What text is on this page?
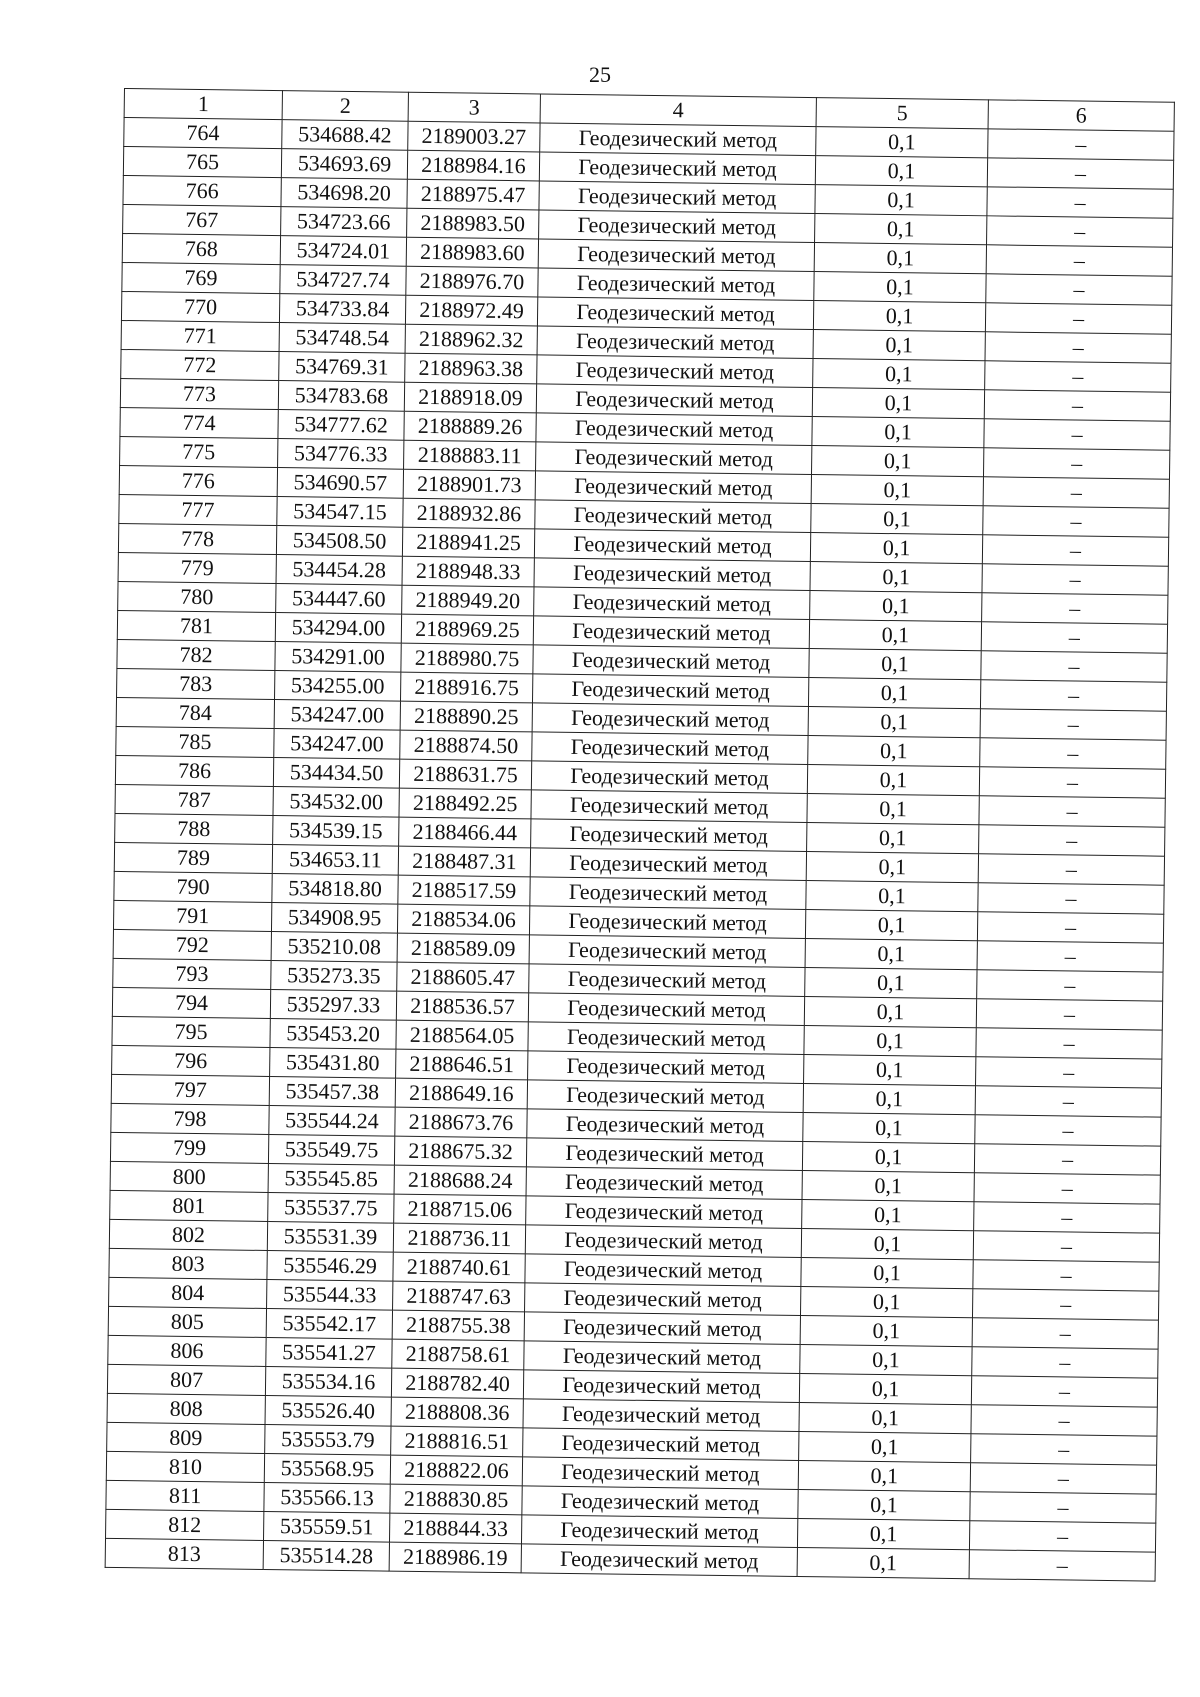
25
1	2	3	4	5	6
764	534688.42	2189003.27	Геодезический метод	0,1	–
765	534693.69	2188984.16	Геодезический метод	0,1	–
766	534698.20	2188975.47	Геодезический метод	0,1	–
767	534723.66	2188983.50	Геодезический метод	0,1	–
768	534724.01	2188983.60	Геодезический метод	0,1	–
769	534727.74	2188976.70	Геодезический метод	0,1	–
770	534733.84	2188972.49	Геодезический метод	0,1	–
771	534748.54	2188962.32	Геодезический метод	0,1	–
772	534769.31	2188963.38	Геодезический метод	0,1	–
773	534783.68	2188918.09	Геодезический метод	0,1	–
774	534777.62	2188889.26	Геодезический метод	0,1	–
775	534776.33	2188883.11	Геодезический метод	0,1	–
776	534690.57	2188901.73	Геодезический метод	0,1	–
777	534547.15	2188932.86	Геодезический метод	0,1	–
778	534508.50	2188941.25	Геодезический метод	0,1	–
779	534454.28	2188948.33	Геодезический метод	0,1	–
780	534447.60	2188949.20	Геодезический метод	0,1	–
781	534294.00	2188969.25	Геодезический метод	0,1	–
782	534291.00	2188980.75	Геодезический метод	0,1	–
783	534255.00	2188916.75	Геодезический метод	0,1	–
784	534247.00	2188890.25	Геодезический метод	0,1	–
785	534247.00	2188874.50	Геодезический метод	0,1	–
786	534434.50	2188631.75	Геодезический метод	0,1	–
787	534532.00	2188492.25	Геодезический метод	0,1	–
788	534539.15	2188466.44	Геодезический метод	0,1	–
789	534653.11	2188487.31	Геодезический метод	0,1	–
790	534818.80	2188517.59	Геодезический метод	0,1	–
791	534908.95	2188534.06	Геодезический метод	0,1	–
792	535210.08	2188589.09	Геодезический метод	0,1	–
793	535273.35	2188605.47	Геодезический метод	0,1	–
794	535297.33	2188536.57	Геодезический метод	0,1	–
795	535453.20	2188564.05	Геодезический метод	0,1	–
796	535431.80	2188646.51	Геодезический метод	0,1	–
797	535457.38	2188649.16	Геодезический метод	0,1	–
798	535544.24	2188673.76	Геодезический метод	0,1	–
799	535549.75	2188675.32	Геодезический метод	0,1	–
800	535545.85	2188688.24	Геодезический метод	0,1	–
801	535537.75	2188715.06	Геодезический метод	0,1	–
802	535531.39	2188736.11	Геодезический метод	0,1	–
803	535546.29	2188740.61	Геодезический метод	0,1	–
804	535544.33	2188747.63	Геодезический метод	0,1	–
805	535542.17	2188755.38	Геодезический метод	0,1	–
806	535541.27	2188758.61	Геодезический метод	0,1	–
807	535534.16	2188782.40	Геодезический метод	0,1	–
808	535526.40	2188808.36	Геодезический метод	0,1	–
809	535553.79	2188816.51	Геодезический метод	0,1	–
810	535568.95	2188822.06	Геодезический метод	0,1	–
811	535566.13	2188830.85	Геодезический метод	0,1	–
812	535559.51	2188844.33	Геодезический метод	0,1	–
813	535514.28	2188986.19	Геодезический метод	0,1	–
